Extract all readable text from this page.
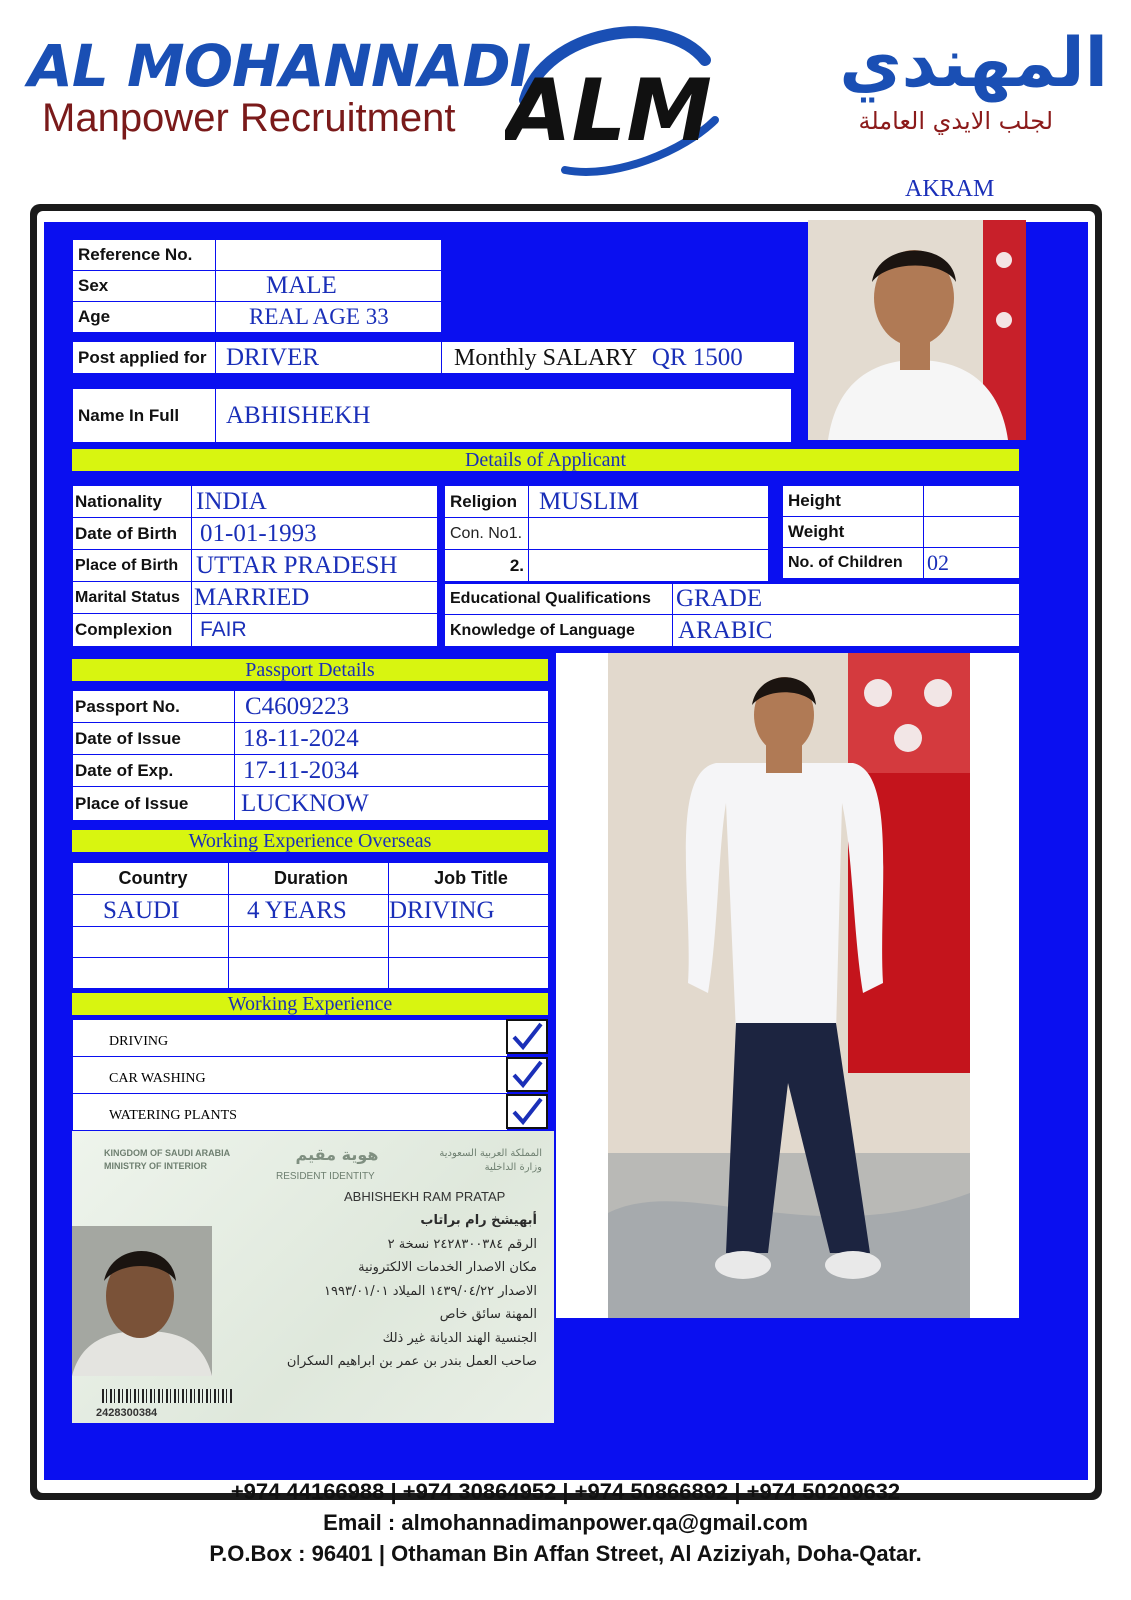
AL MOHANNADI
Manpower Recruitment ALM	المهندي
لجلب الايدي العاملة
AKRAM
Reference No.	
Sex	MALE
Age	REAL AGE 33
Post applied for	DRIVER	Monthly SALARY QR 1500
Name In Full	ABHISHEKH
Details of Applicant
Nationality	INDIA
Date of Birth	01-01-1993
Place of Birth	UTTAR PRADESH
Marital Status	MARRIED
Complexion	FAIR
Religion	MUSLIM
Con. No1.	
2.	
Height	
Weight	
No. of Children	02
Educational Qualifications	GRADE
Knowledge of Language	ARABIC
Passport Details
Passport No.	C4609223
Date of Issue	18-11-2024
Date of Exp.	17-11-2034
Place of Issue	LUCKNOW
Working Experience Overseas
Country	Duration	Job Title
SAUDI	4 YEARS	DRIVING

Working Experience
DRIVING
CAR WASHING
WATERING PLANTS
KINGDOM OF SAUDI ARABIA
MINISTRY OF INTERIOR
المملكة العربية السعودية
وزارة الداخلية
هوية مقيم
RESIDENT IDENTITY
ABHISHEKH RAM PRATAP
أبهيشخ رام براتاب
الرقم ٢٤٢٨٣٠٠٣٨٤ نسخة ٢
مكان الاصدار الخدمات الالكترونية
الاصدار ١٤٣٩/٠٤/٢٢ الميلاد ١٩٩٣/٠١/٠١
المهنة سائق خاص
الجنسية الهند الديانة غير ذلك
صاحب العمل بندر بن عمر بن ابراهيم السكران
2428300384
+974 44166988 | +974 30864952 | +974 50866892 | +974 50209632
Email : almohannadimanpower.qa@gmail.com
P.O.Box : 96401 | Othaman Bin Affan Street, Al Aziziyah, Doha-Qatar.
